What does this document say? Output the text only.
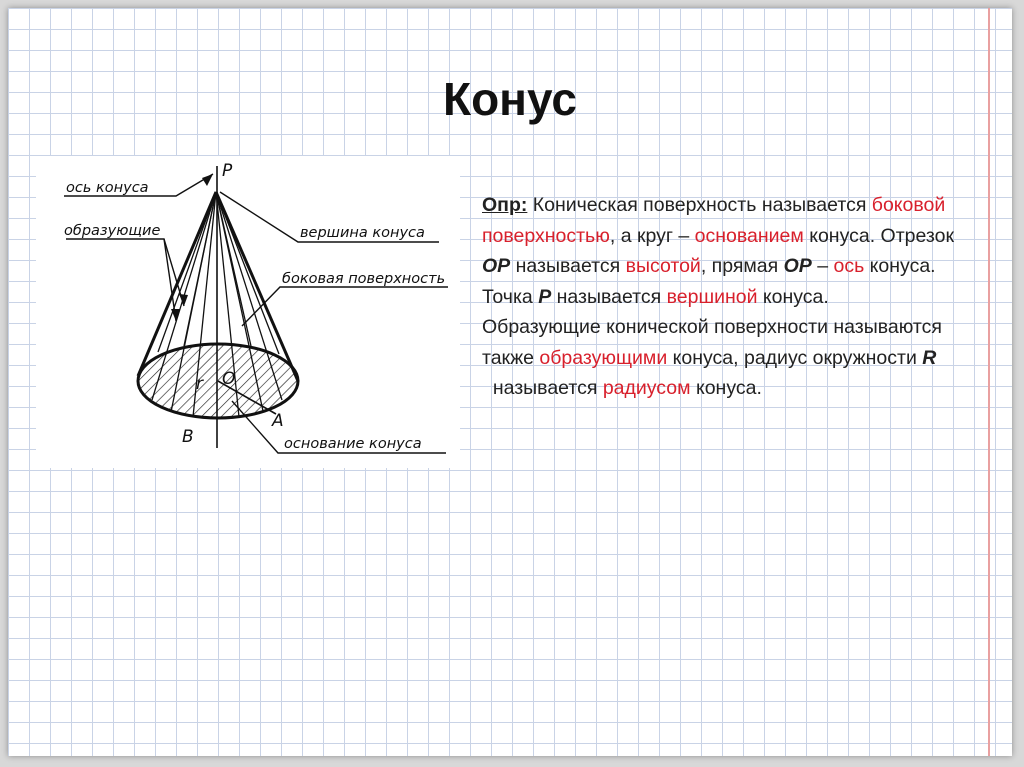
Конус
ось конуса
образующие	вершина конуса
боковая поверхность
основание конуса
P
A
B
r O
Опр: Коническая поверхность называется боковой поверхностью, а круг – основанием конуса. Отрезок OP называется высотой, прямая OP – ось конуса. Точка P называется вершиной конуса.
Образующие конической поверхности называются также образующими конуса, радиус окружности R  называется радиусом конуса.
